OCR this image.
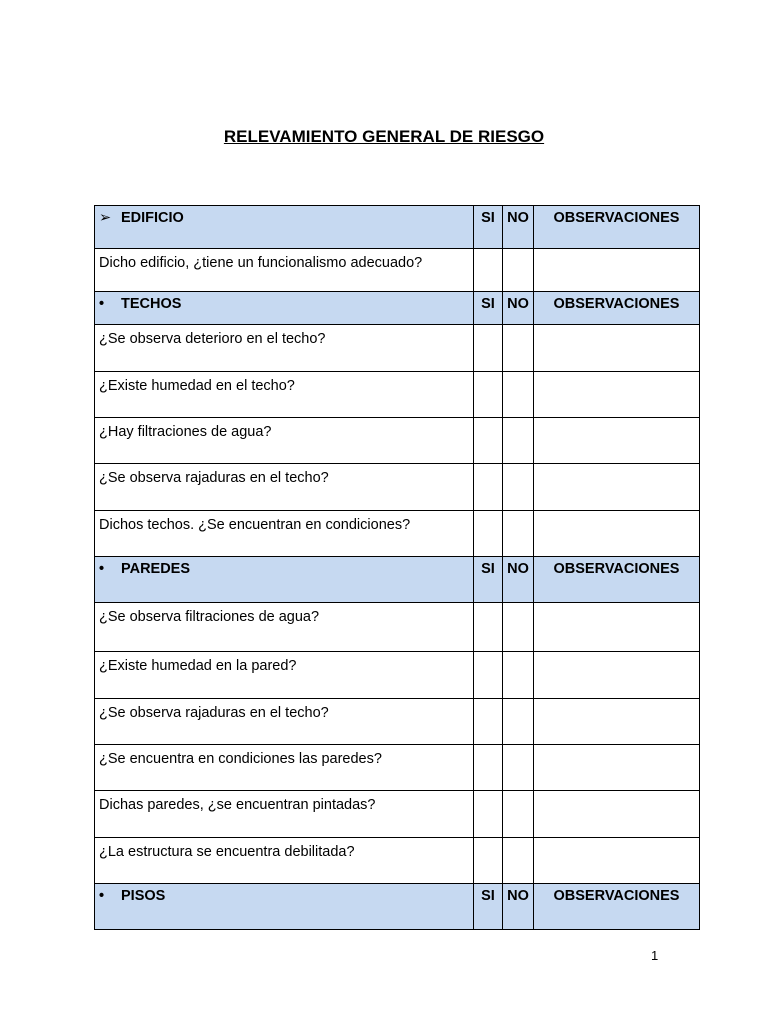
RELEVAMIENTO GENERAL DE RIESGO
➢ EDIFICIO	SI	NO	OBSERVACIONES
Dicho edificio, ¿tiene un funcionalismo adecuado?			
• TECHOS	SI	NO	OBSERVACIONES
¿Se observa deterioro en el techo?			
¿Existe humedad en el techo?			
¿Hay filtraciones de agua?			
¿Se observa rajaduras en el techo?			
Dichos techos. ¿Se encuentran en condiciones?			
• PAREDES	SI	NO	OBSERVACIONES
¿Se observa filtraciones de agua?			
¿Existe humedad en la pared?			
¿Se observa rajaduras en el techo?			
¿Se encuentra en condiciones las paredes?			
Dichas paredes, ¿se encuentran pintadas?			
¿La estructura se encuentra debilitada?			
• PISOS	SI	NO	OBSERVACIONES
1
